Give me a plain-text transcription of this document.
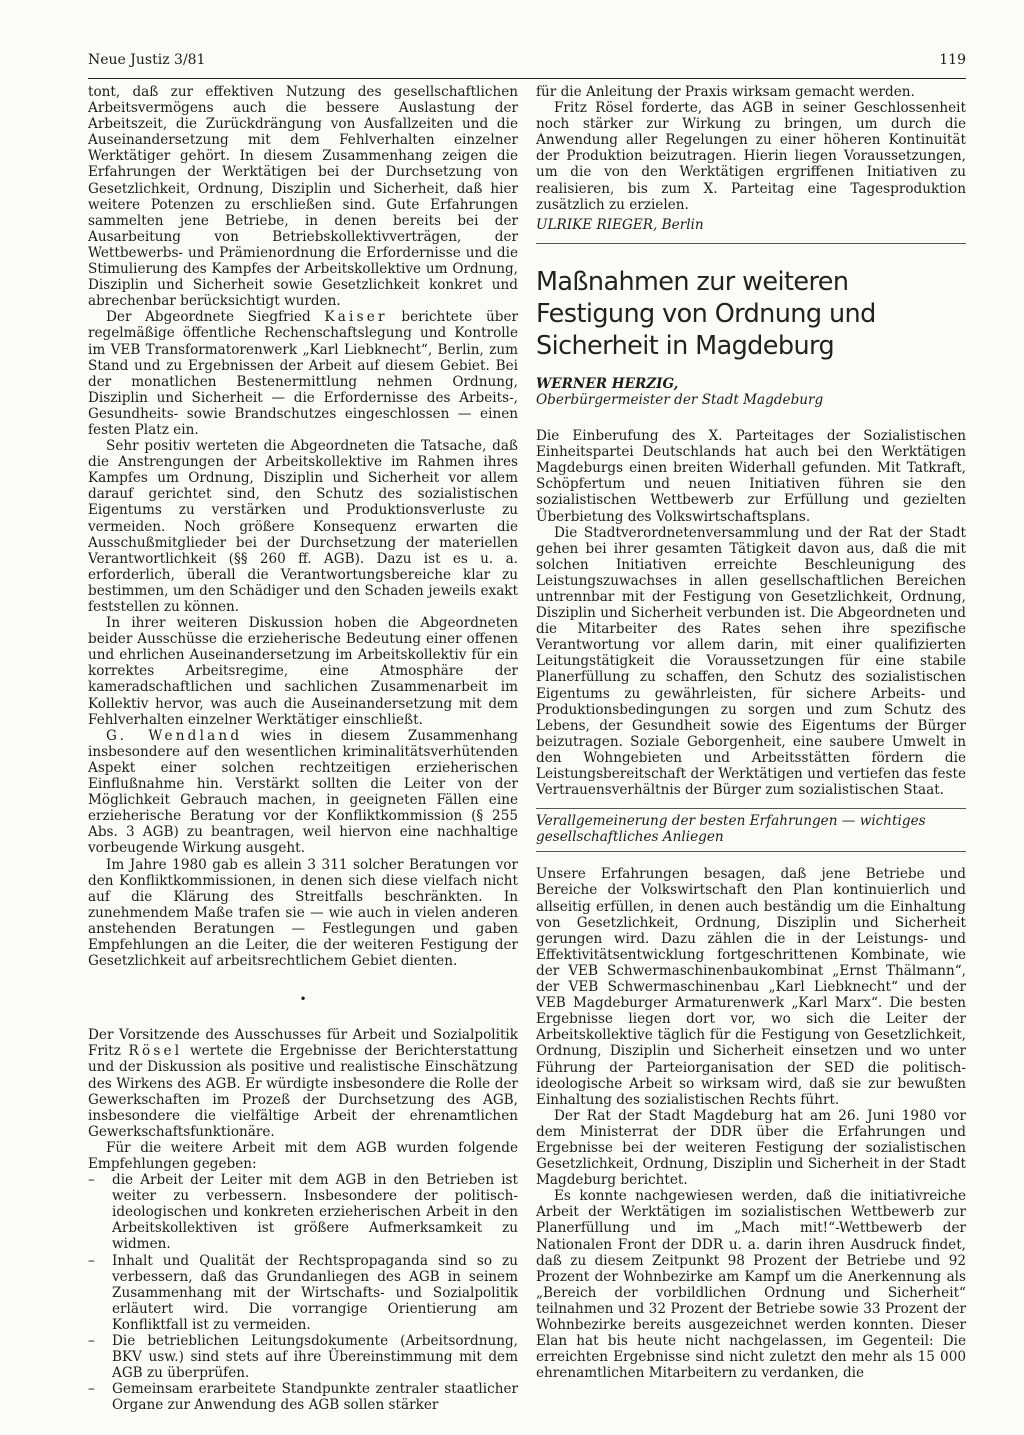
Neue Justiz 3/81	119

tont, daß zur effektiven Nutzung des gesellschaftlichen Arbeitsvermögens auch die bessere Auslastung der Arbeitszeit, die Zurückdrängung von Ausfallzeiten und die Auseinandersetzung mit dem Fehlverhalten einzelner Werktätiger gehört. In diesem Zusammenhang zeigen die Erfahrungen der Werktätigen bei der Durchsetzung von Gesetzlichkeit, Ordnung, Disziplin und Sicherheit, daß hier weitere Potenzen zu erschließen sind. Gute Erfahrungen sammelten jene Betriebe, in denen bereits bei der Ausarbeitung von Betriebskollektivverträgen, der Wettbewerbs- und Prämienordnung die Erfordernisse und die Stimulierung des Kampfes der Arbeitskollektive um Ordnung, Disziplin und Sicherheit sowie Gesetzlichkeit konkret und abrechenbar berücksichtigt wurden.

Der Abgeordnete Siegfried Kaiser berichtete über regelmäßige öffentliche Rechenschaftslegung und Kontrolle im VEB Transformatorenwerk „Karl Liebknecht“, Berlin, zum Stand und zu Ergebnissen der Arbeit auf diesem Gebiet. Bei der monatlichen Bestenermittlung nehmen Ordnung, Disziplin und Sicherheit — die Erfordernisse des Arbeits-, Gesundheits- sowie Brandschutzes eingeschlossen — einen festen Platz ein.

Sehr positiv werteten die Abgeordneten die Tatsache, daß die Anstrengungen der Arbeitskollektive im Rahmen ihres Kampfes um Ordnung, Disziplin und Sicherheit vor allem darauf gerichtet sind, den Schutz des sozialistischen Eigentums zu verstärken und Produktionsverluste zu vermeiden. Noch größere Konsequenz erwarten die Ausschußmitglieder bei der Durchsetzung der materiellen Verantwortlichkeit (§§ 260 ff. AGB). Dazu ist es u. a. erforderlich, überall die Verantwortungsbereiche klar zu bestimmen, um den Schädiger und den Schaden jeweils exakt feststellen zu können.

In ihrer weiteren Diskussion hoben die Abgeordneten beider Ausschüsse die erzieherische Bedeutung einer offenen und ehrlichen Auseinandersetzung im Arbeitskollektiv für ein korrektes Arbeitsregime, eine Atmosphäre der kameradschaftlichen und sachlichen Zusammenarbeit im Kollektiv hervor, was auch die Auseinandersetzung mit dem Fehlverhalten einzelner Werktätiger einschließt.

G. Wendland wies in diesem Zusammenhang insbesondere auf den wesentlichen kriminalitätsverhütenden Aspekt einer solchen rechtzeitigen erzieherischen Einflußnahme hin. Verstärkt sollten die Leiter von der Möglichkeit Gebrauch machen, in geeigneten Fällen eine erzieherische Beratung vor der Konfliktkommission (§ 255 Abs. 3 AGB) zu beantragen, weil hiervon eine nachhaltige vorbeugende Wirkung ausgeht.

Im Jahre 1980 gab es allein 3 311 solcher Beratungen vor den Konfliktkommissionen, in denen sich diese vielfach nicht auf die Klärung des Streitfalls beschränkten. In zunehmendem Maße trafen sie — wie auch in vielen anderen anstehenden Beratungen — Festlegungen und gaben Empfehlungen an die Leiter, die der weiteren Festigung der Gesetzlichkeit auf arbeitsrechtlichem Gebiet dienten.

•

Der Vorsitzende des Ausschusses für Arbeit und Sozialpolitik Fritz Rösel wertete die Ergebnisse der Berichterstattung und der Diskussion als positive und realistische Einschätzung des Wirkens des AGB. Er würdigte insbesondere die Rolle der Gewerkschaften im Prozeß der Durchsetzung des AGB, insbesondere die vielfältige Arbeit der ehrenamtlichen Gewerkschaftsfunktionäre.

Für die weitere Arbeit mit dem AGB wurden folgende Empfehlungen gegeben:

– die Arbeit der Leiter mit dem AGB in den Betrieben ist weiter zu verbessern. Insbesondere der politisch-ideologischen und konkreten erzieherischen Arbeit in den Arbeitskollektiven ist größere Aufmerksamkeit zu widmen.
– Inhalt und Qualität der Rechtspropaganda sind so zu verbessern, daß das Grundanliegen des AGB in seinem Zusammenhang mit der Wirtschafts- und Sozialpolitik erläutert wird. Die vorrangige Orientierung am Konfliktfall ist zu vermeiden.
– Die betrieblichen Leitungsdokumente (Arbeitsordnung, BKV usw.) sind stets auf ihre Übereinstimmung mit dem AGB zu überprüfen.
– Gemeinsam erarbeitete Standpunkte zentraler staatlicher Organe zur Anwendung des AGB sollen stärker

für die Anleitung der Praxis wirksam gemacht werden.

Fritz Rösel forderte, das AGB in seiner Geschlossenheit noch stärker zur Wirkung zu bringen, um durch die Anwendung aller Regelungen zu einer höheren Kontinuität der Produktion beizutragen. Hierin liegen Voraussetzungen, um die von den Werktätigen ergriffenen Initiativen zu realisieren, bis zum X. Parteitag eine Tagesproduktion zusätzlich zu erzielen.

ULRIKE RIEGER, Berlin

Maßnahmen zur weiteren Festigung von Ordnung und Sicherheit in Magdeburg

WERNER HERZIG,
Oberbürgermeister der Stadt Magdeburg

Die Einberufung des X. Parteitages der Sozialistischen Einheitspartei Deutschlands hat auch bei den Werktätigen Magdeburgs einen breiten Widerhall gefunden. Mit Tatkraft, Schöpfertum und neuen Initiativen führen sie den sozialistischen Wettbewerb zur Erfüllung und gezielten Überbietung des Volkswirtschaftsplans.

Die Stadtverordnetenversammlung und der Rat der Stadt gehen bei ihrer gesamten Tätigkeit davon aus, daß die mit solchen Initiativen erreichte Beschleunigung des Leistungszuwachses in allen gesellschaftlichen Bereichen untrennbar mit der Festigung von Gesetzlichkeit, Ordnung, Disziplin und Sicherheit verbunden ist. Die Abgeordneten und die Mitarbeiter des Rates sehen ihre spezifische Verantwortung vor allem darin, mit einer qualifizierten Leitungstätigkeit die Voraussetzungen für eine stabile Planerfüllung zu schaffen, den Schutz des sozialistischen Eigentums zu gewährleisten, für sichere Arbeits- und Produktionsbedingungen zu sorgen und zum Schutz des Lebens, der Gesundheit sowie des Eigentums der Bürger beizutragen. Soziale Geborgenheit, eine saubere Umwelt in den Wohngebieten und Arbeitsstätten fördern die Leistungsbereitschaft der Werktätigen und vertiefen das feste Vertrauensverhältnis der Bürger zum sozialistischen Staat.

Verallgemeinerung der besten Erfahrungen — wichtiges gesellschaftliches Anliegen

Unsere Erfahrungen besagen, daß jene Betriebe und Bereiche der Volkswirtschaft den Plan kontinuierlich und allseitig erfüllen, in denen auch beständig um die Einhaltung von Gesetzlichkeit, Ordnung, Disziplin und Sicherheit gerungen wird. Dazu zählen die in der Leistungs- und Effektivitätsentwicklung fortgeschrittenen Kombinate, wie der VEB Schwermaschinenbaukombinat „Ernst Thälmann“, der VEB Schwermaschinenbau „Karl Liebknecht“ und der VEB Magdeburger Armaturenwerk „Karl Marx“. Die besten Ergebnisse liegen dort vor, wo sich die Leiter der Arbeitskollektive täglich für die Festigung von Gesetzlichkeit, Ordnung, Disziplin und Sicherheit einsetzen und wo unter Führung der Parteiorganisation der SED die politisch-ideologische Arbeit so wirksam wird, daß sie zur bewußten Einhaltung des sozialistischen Rechts führt.

Der Rat der Stadt Magdeburg hat am 26. Juni 1980 vor dem Ministerrat der DDR über die Erfahrungen und Ergebnisse bei der weiteren Festigung der sozialistischen Gesetzlichkeit, Ordnung, Disziplin und Sicherheit in der Stadt Magdeburg berichtet.

Es konnte nachgewiesen werden, daß die initiativreiche Arbeit der Werktätigen im sozialistischen Wettbewerb zur Planerfüllung und im „Mach mit!“-Wettbewerb der Nationalen Front der DDR u. a. darin ihren Ausdruck findet, daß zu diesem Zeitpunkt 98 Prozent der Betriebe und 92 Prozent der Wohnbezirke am Kampf um die Anerkennung als „Bereich der vorbildlichen Ordnung und Sicherheit“ teilnahmen und 32 Prozent der Betriebe sowie 33 Prozent der Wohnbezirke bereits ausgezeichnet werden konnten. Dieser Elan hat bis heute nicht nachgelassen, im Gegenteil: Die erreichten Ergebnisse sind nicht zuletzt den mehr als 15 000 ehrenamtlichen Mitarbeitern zu verdanken, die
